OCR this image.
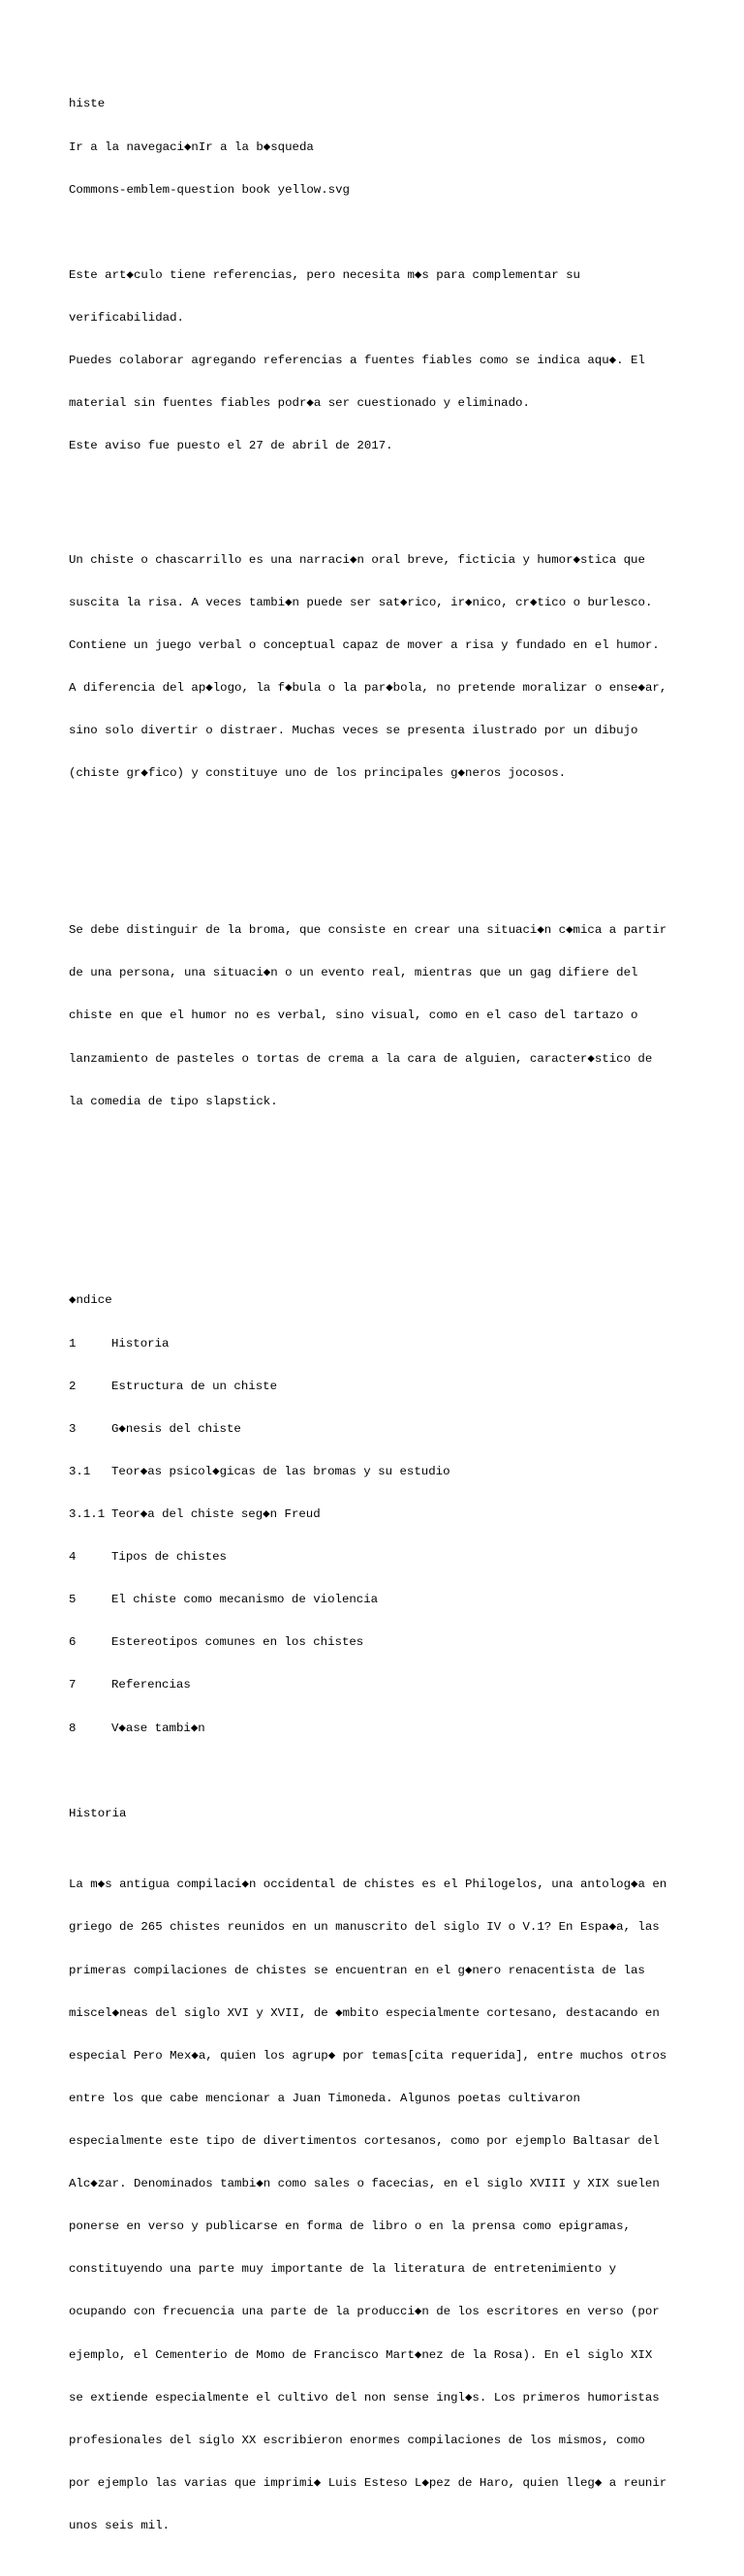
histe

Ir a la navegaci◆nIr a la b◆squeda

Commons-emblem-question book yellow.svg

Este art◆culo tiene referencias, pero necesita m◆s para complementar su

verificabilidad.

Puedes colaborar agregando referencias a fuentes fiables como se indica aqu◆. El

material sin fuentes fiables podr◆a ser cuestionado y eliminado.

Este aviso fue puesto el 27 de abril de 2017.

Un chiste o chascarrillo es una narraci◆n oral breve, ficticia y humor◆stica que

suscita la risa. A veces tambi◆n puede ser sat◆rico, ir◆nico, cr◆tico o burlesco.

Contiene un juego verbal o conceptual capaz de mover a risa y fundado en el humor.

A diferencia del ap◆logo, la f◆bula o la par◆bola, no pretende moralizar o ense◆ar,

sino solo divertir o distraer. Muchas veces se presenta ilustrado por un dibujo

(chiste gr◆fico) y constituye uno de los principales g◆neros jocosos.

Se debe distinguir de la broma, que consiste en crear una situaci◆n c◆mica a partir

de una persona, una situaci◆n o un evento real, mientras que un gag difiere del

chiste en que el humor no es verbal, sino visual, como en el caso del tartazo o

lanzamiento de pasteles o tortas de crema a la cara de alguien, caracter◆stico de

la comedia de tipo slapstick.

◆ndice

1	Historia

2	Estructura de un chiste

3	G◆nesis del chiste

3.1	Teor◆as psicol◆gicas de las bromas y su estudio

3.1.1 Teor◆a del chiste seg◆n Freud

4	Tipos de chistes

5	El chiste como mecanismo de violencia

6	Estereotipos comunes en los chistes

7	Referencias

8	V◆ase tambi◆n

Historia

La m◆s antigua compilaci◆n occidental de chistes es el Philogelos, una antolog◆a en

griego de 265 chistes reunidos en un manuscrito del siglo IV o V.1? En Espa◆a, las

primeras compilaciones de chistes se encuentran en el g◆nero renacentista de las

miscel◆neas del siglo XVI y XVII, de ◆mbito especialmente cortesano, destacando en

especial Pero Mex◆a, quien los agrup◆ por temas[cita requerida], entre muchos otros

entre los que cabe mencionar a Juan Timoneda. Algunos poetas cultivaron

especialmente este tipo de divertimentos cortesanos, como por ejemplo Baltasar del

Alc◆zar. Denominados tambi◆n como sales o facecias, en el siglo XVIII y XIX suelen

ponerse en verso y publicarse en forma de libro o en la prensa como epigramas,

constituyendo una parte muy importante de la literatura de entretenimiento y

ocupando con frecuencia una parte de la producci◆n de los escritores en verso (por

ejemplo, el Cementerio de Momo de Francisco Mart◆nez de la Rosa). En el siglo XIX

se extiende especialmente el cultivo del non sense ingl◆s. Los primeros humoristas

profesionales del siglo XX escribieron enormes compilaciones de los mismos, como

por ejemplo las varias que imprimi◆ Luis Esteso L◆pez de Haro, quien lleg◆ a reunir

unos seis mil.
